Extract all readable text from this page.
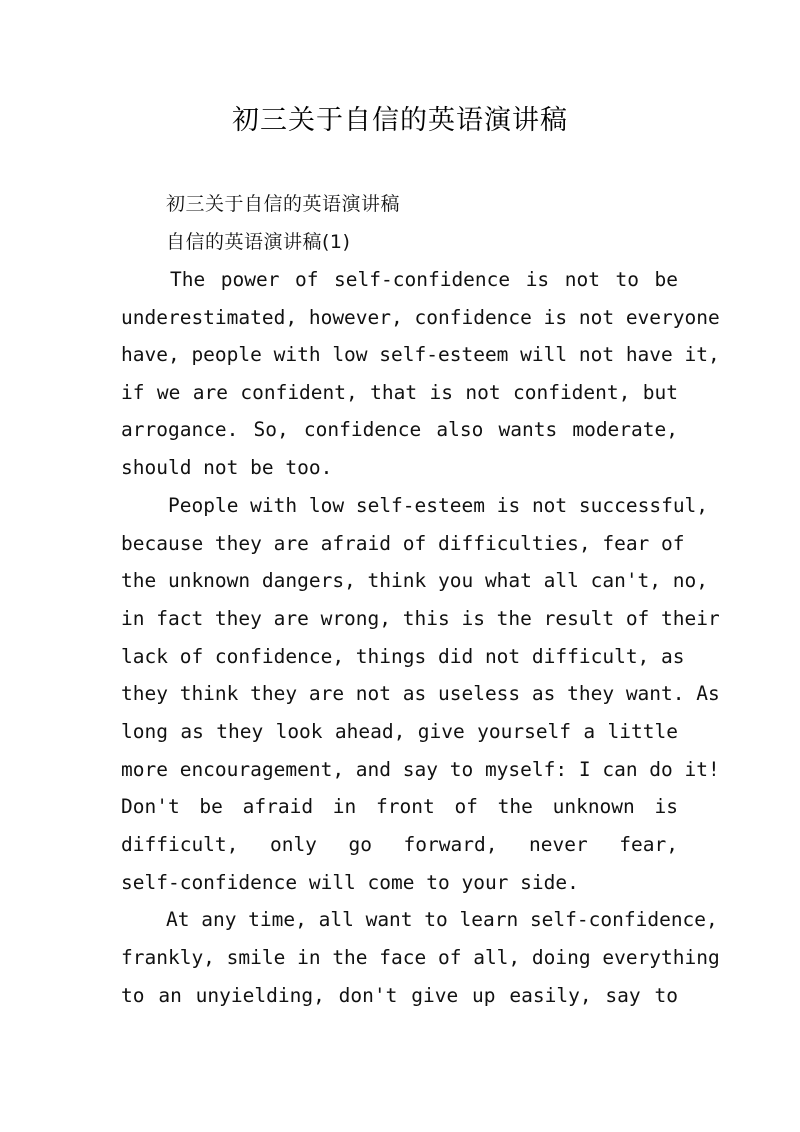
初三关于自信的英语演讲稿
初三关于自信的英语演讲稿
自信的英语演讲稿(1)
The power of self-confidence is not to be
underestimated, however, confidence is not everyone
have, people with low self-esteem will not have it,
if we are confident, that is not confident, but
arrogance. So, confidence also wants moderate,
should not be too.
People with low self-esteem is not successful,
because they are afraid of difficulties, fear of
the unknown dangers, think you what all can't, no,
in fact they are wrong, this is the result of their
lack of confidence, things did not difficult, as
they think they are not as useless as they want. As
long as they look ahead, give yourself a little
more encouragement, and say to myself: I can do it!
Don't be afraid in front of the unknown is
difficult, only go forward, never fear,
self-confidence will come to your side.
At any time, all want to learn self-confidence,
frankly, smile in the face of all, doing everything
to an unyielding, don't give up easily, say to
